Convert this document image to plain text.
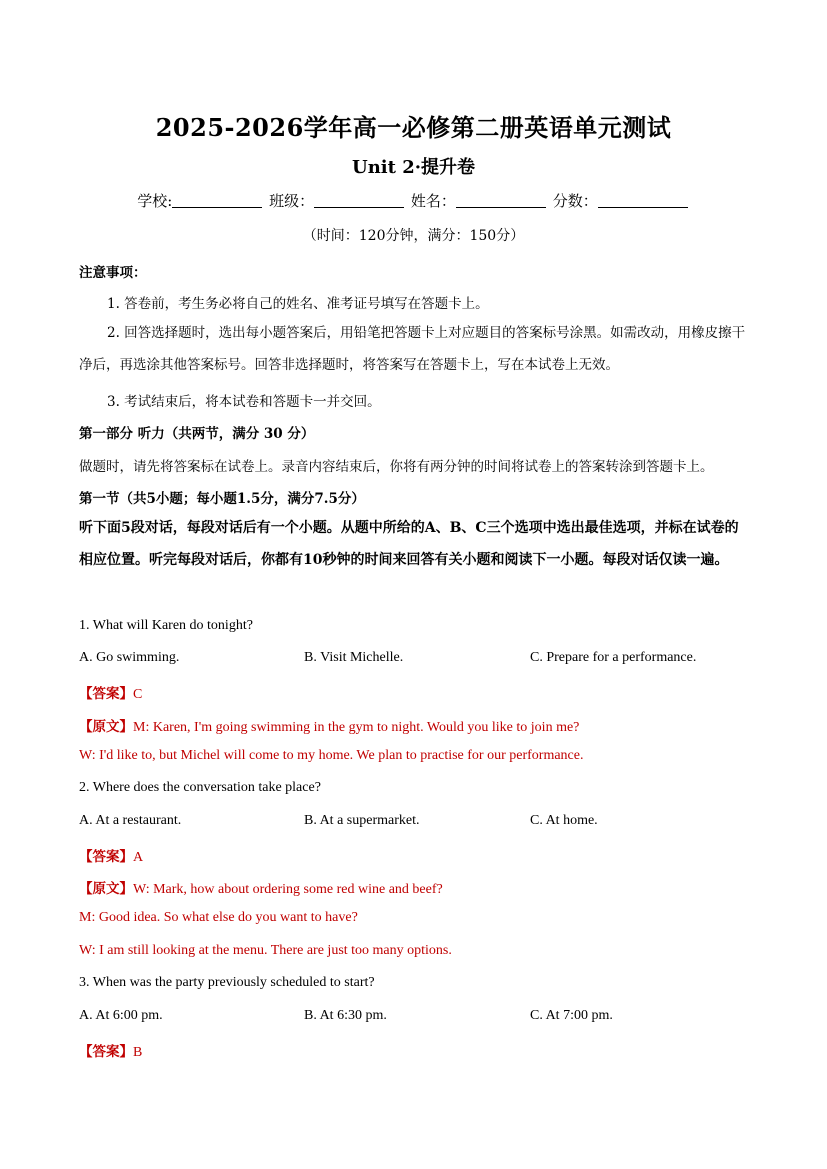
2025-2026学年高一必修第二册英语单元测试
Unit 2·提升卷
学校:	班级：	姓名：	分数：
（时间：120分钟，满分：150分）
注意事项：
1. 答卷前，考生务必将自己的姓名、准考证号填写在答题卡上。
2. 回答选择题时，选出每小题答案后，用铅笔把答题卡上对应题目的答案标号涂黑。如需改动，用橡皮擦干净后，再选涂其他答案标号。回答非选择题时，将答案写在答题卡上，写在本试卷上无效。
3. 考试结束后，将本试卷和答题卡一并交回。
第一部分 听力（共两节，满分 30 分）
做题时，请先将答案标在试卷上。录音内容结束后，你将有两分钟的时间将试卷上的答案转涂到答题卡上。
第一节（共5小题；每小题1.5分，满分7.5分）
听下面5段对话，每段对话后有一个小题。从题中所给的A、B、C三个选项中选出最佳选项，并标在试卷的相应位置。听完每段对话后，你都有10秒钟的时间来回答有关小题和阅读下一小题。每段对话仅读一遍。
1. What will Karen do tonight?
A. Go swimming.	B. Visit Michelle.	C. Prepare for a performance.
【答案】C
【原文】M: Karen, I'm going swimming in the gym to night. Would you like to join me?
W: I'd like to, but Michel will come to my home. We plan to practise for our performance.
2. Where does the conversation take place?
A. At a restaurant.	B. At a supermarket.	C. At home.
【答案】A
【原文】W: Mark, how about ordering some red wine and beef?
M: Good idea. So what else do you want to have?
W: I am still looking at the menu. There are just too many options.
3. When was the party previously scheduled to start?
A. At 6:00 pm.	B. At 6:30 pm.	C. At 7:00 pm.
【答案】B
